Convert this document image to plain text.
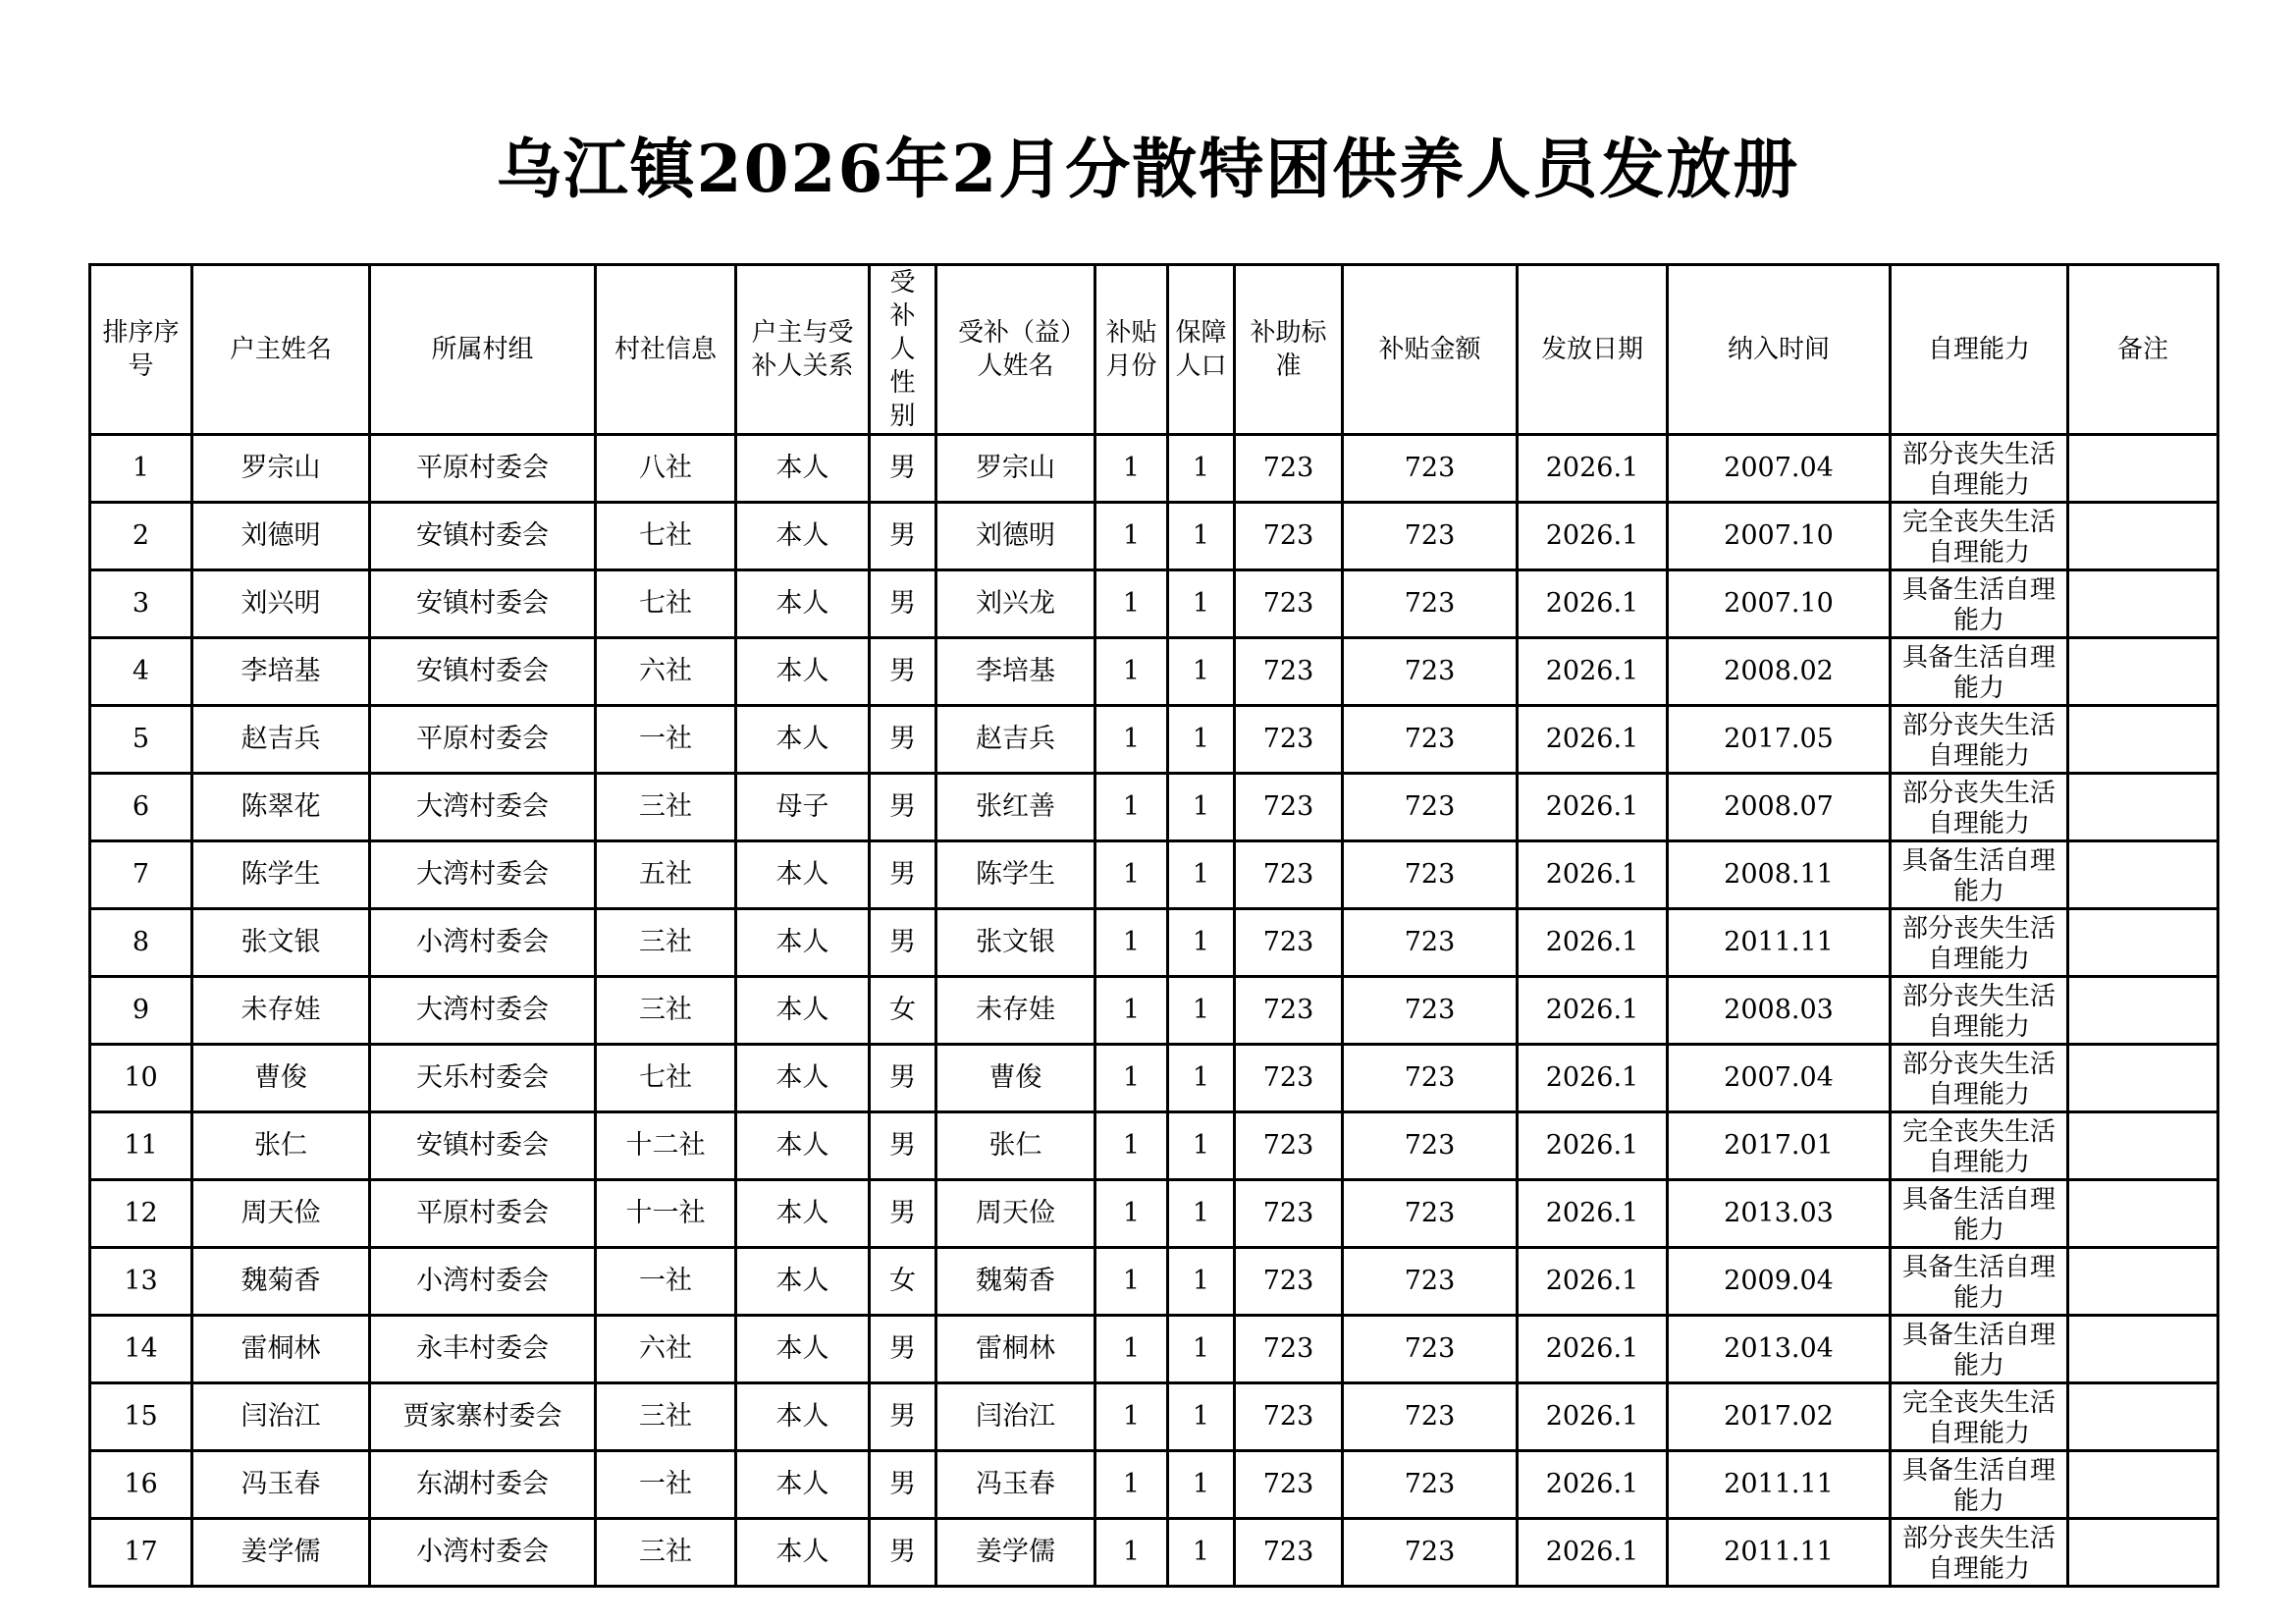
乌江镇2026年2月分散特困供养人员发放册
排序序号	户主姓名	所属村组	村社信息	户主与受补人关系	受补人性别	受补（益）人姓名	补贴月份	保障人口	补助标准	补贴金额	发放日期	纳入时间	自理能力	备注

1	罗宗山	平原村委会	八社	本人	男	罗宗山	1	1	723	723	2026.1	2007.04	部分丧失生活自理能力	
2	刘德明	安镇村委会	七社	本人	男	刘德明	1	1	723	723	2026.1	2007.10	完全丧失生活自理能力	
3	刘兴明	安镇村委会	七社	本人	男	刘兴龙	1	1	723	723	2026.1	2007.10	具备生活自理能力	
4	李培基	安镇村委会	六社	本人	男	李培基	1	1	723	723	2026.1	2008.02	具备生活自理能力	
5	赵吉兵	平原村委会	一社	本人	男	赵吉兵	1	1	723	723	2026.1	2017.05	部分丧失生活自理能力	
6	陈翠花	大湾村委会	三社	母子	男	张红善	1	1	723	723	2026.1	2008.07	部分丧失生活自理能力	
7	陈学生	大湾村委会	五社	本人	男	陈学生	1	1	723	723	2026.1	2008.11	具备生活自理能力	
8	张文银	小湾村委会	三社	本人	男	张文银	1	1	723	723	2026.1	2011.11	部分丧失生活自理能力	
9	未存娃	大湾村委会	三社	本人	女	未存娃	1	1	723	723	2026.1	2008.03	部分丧失生活自理能力	
10	曹俊	天乐村委会	七社	本人	男	曹俊	1	1	723	723	2026.1	2007.04	部分丧失生活自理能力	
11	张仁	安镇村委会	十二社	本人	男	张仁	1	1	723	723	2026.1	2017.01	完全丧失生活自理能力	
12	周天俭	平原村委会	十一社	本人	男	周天俭	1	1	723	723	2026.1	2013.03	具备生活自理能力	
13	魏菊香	小湾村委会	一社	本人	女	魏菊香	1	1	723	723	2026.1	2009.04	具备生活自理能力	
14	雷桐林	永丰村委会	六社	本人	男	雷桐林	1	1	723	723	2026.1	2013.04	具备生活自理能力	
15	闫治江	贾家寨村委会	三社	本人	男	闫治江	1	1	723	723	2026.1	2017.02	完全丧失生活自理能力	
16	冯玉春	东湖村委会	一社	本人	男	冯玉春	1	1	723	723	2026.1	2011.11	具备生活自理能力	
17	姜学儒	小湾村委会	三社	本人	男	姜学儒	1	1	723	723	2026.1	2011.11	部分丧失生活自理能力	
